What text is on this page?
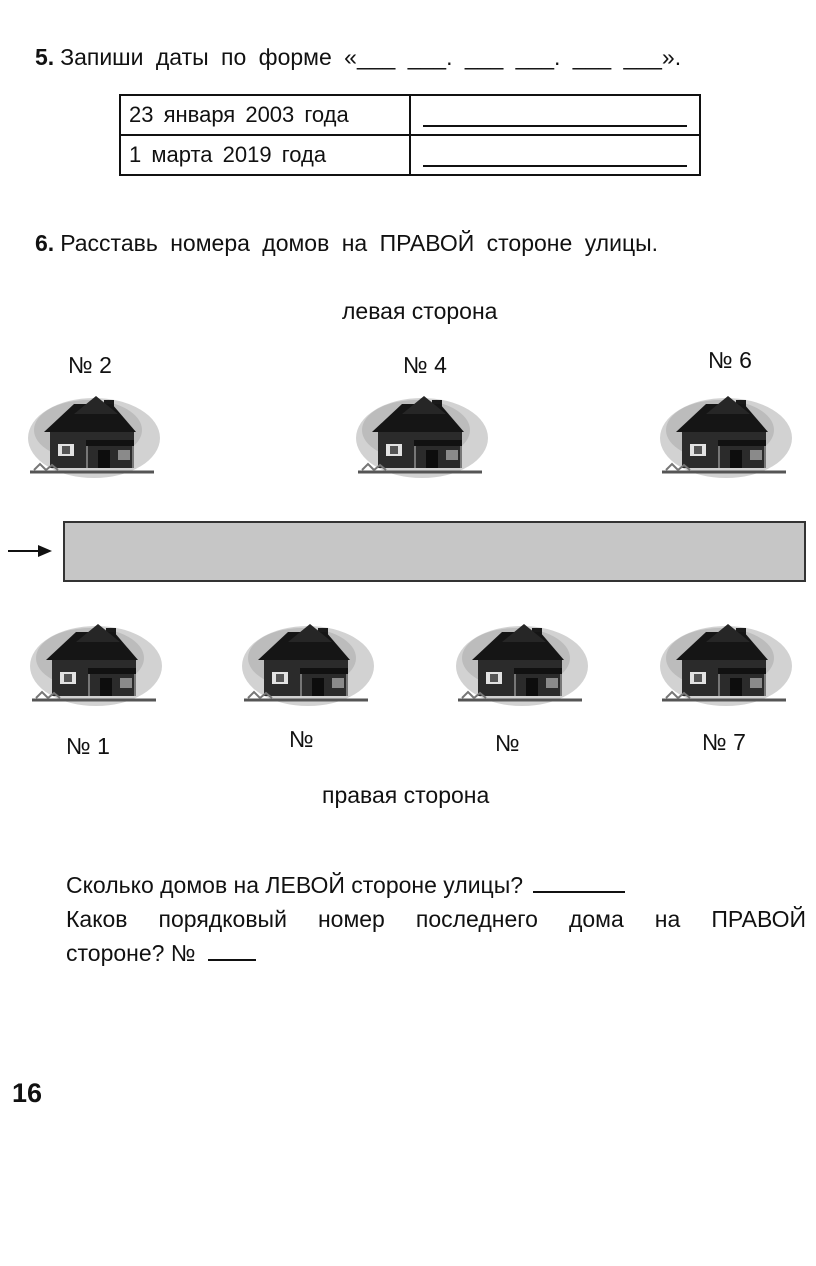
5. Запиши даты по форме «___ ___. ___ ___. ___ ___».
23 января 2003 года	

1 марта 2019 года	
6. Расставь номера домов на ПРАВОЙ стороне улицы.
левая сторона
№ 2	№ 4	№ 6
№ 1	№	№	№ 7
правая сторона
Сколько домов на ЛЕВОЙ стороне улицы?
Каков порядковый номер последнего дома на ПРАВОЙ
стороне? №
16
